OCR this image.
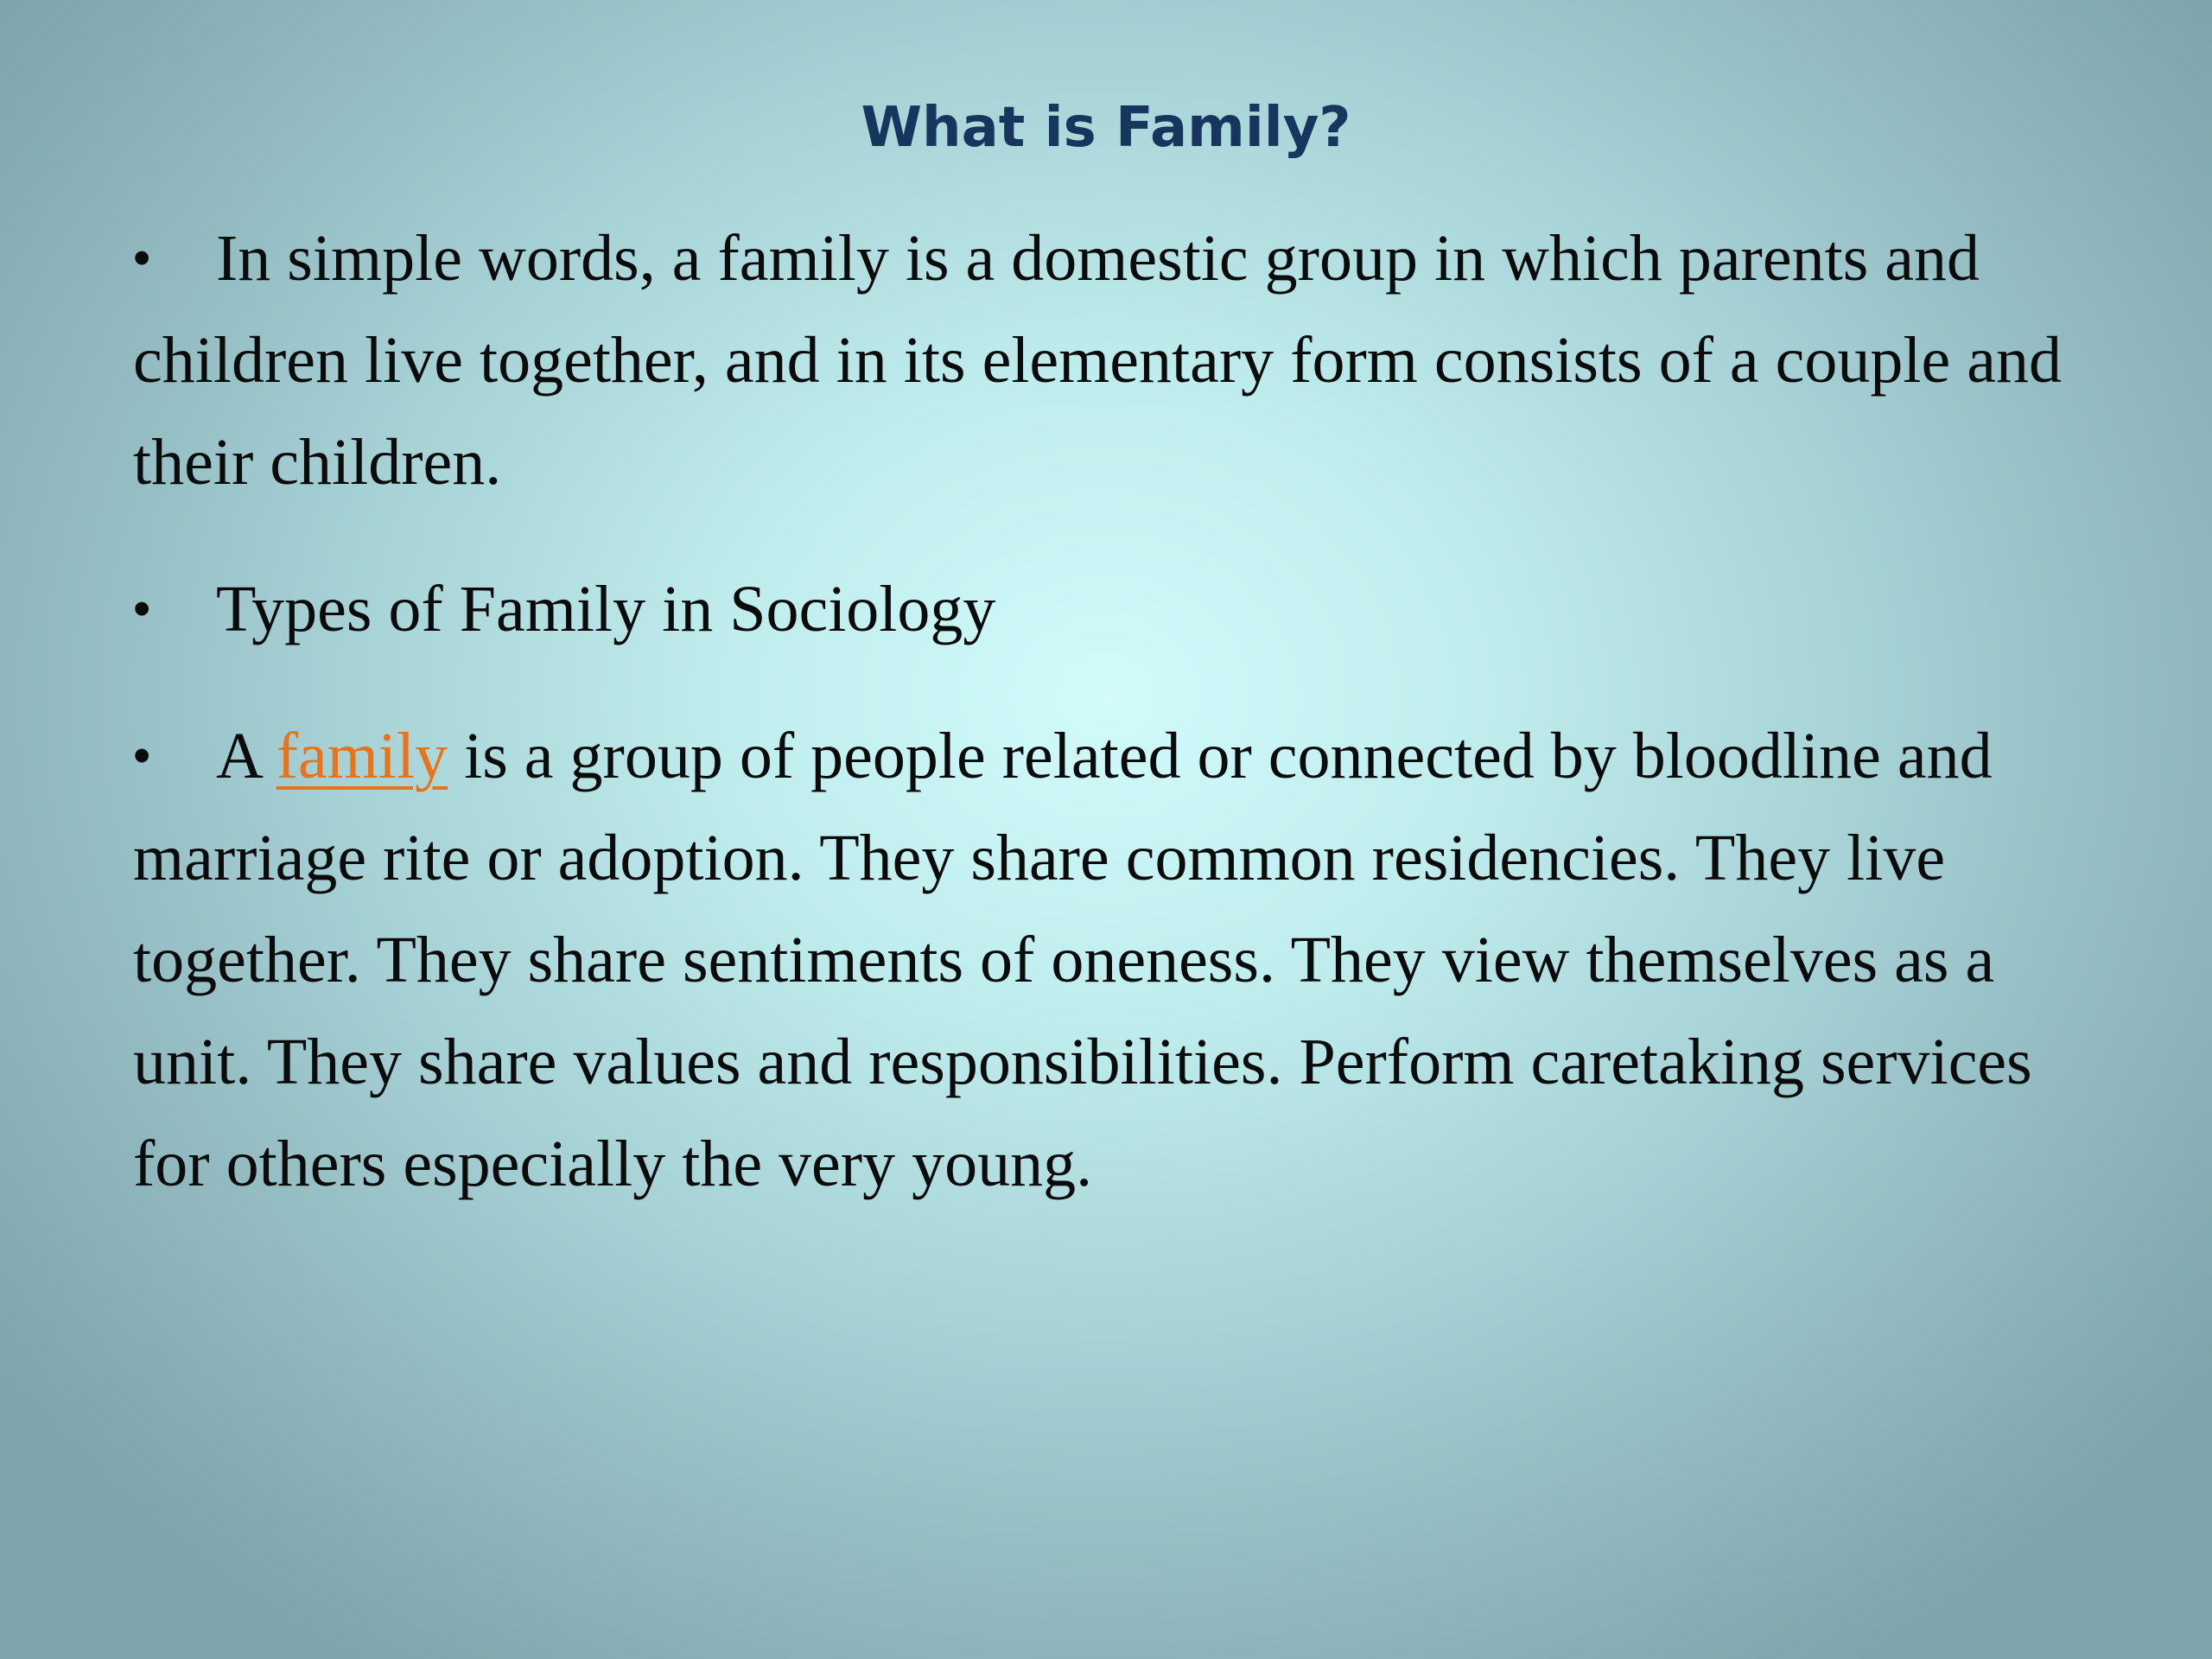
What is Family?

• In simple words, a family is a domestic group in which parents and children live together, and in its elementary form consists of a couple and their children.

• Types of Family in Sociology

• A family is a group of people related or connected by bloodline and marriage rite or adoption. They share common residencies. They live together. They share sentiments of oneness. They view themselves as a unit. They share values and responsibilities. Perform caretaking services for others especially the very young.
